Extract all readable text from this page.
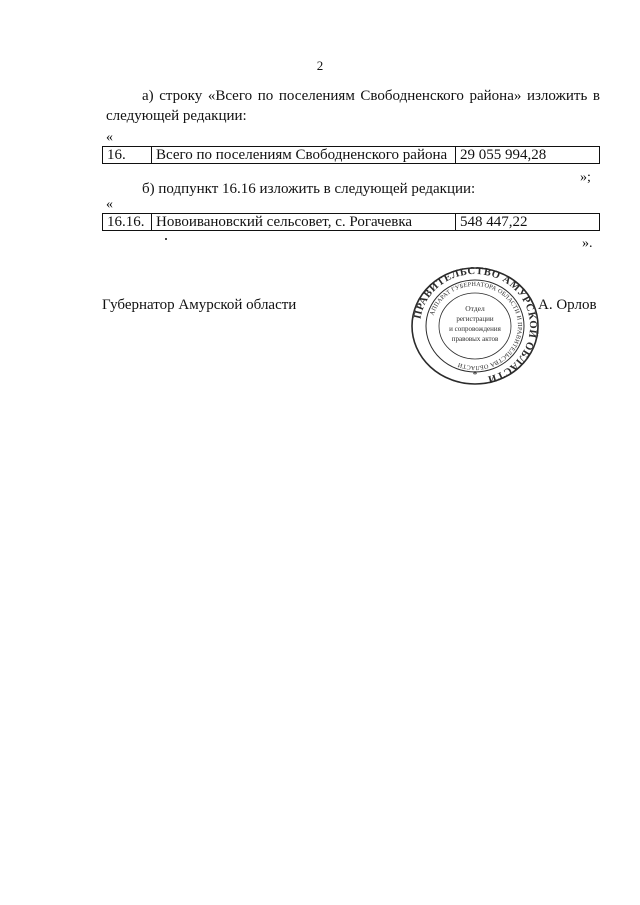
2
а) строку «Всего по поселениям Свободненского района» изложить в
следующей редакции:
«
16.	Всего по поселениям Свободненского района	29 055 994,28
»;
б) подпункт 16.16 изложить в следующей редакции:
«
16.16.	Новоивановский сельсовет, с. Рогачевка	548 447,22
».
Губернатор Амурской области	А. Орлов
ПРАВИТЕЛЬСТВО АМУРСКОЙ ОБЛАСТИ
АППАРАТ ГУБЕРНАТОРА ОБЛАСТИ И ПРАВИТЕЛЬСТВА ОБЛАСТИ
Отдел
регистрации
и сопровождения
правовых актов
*
